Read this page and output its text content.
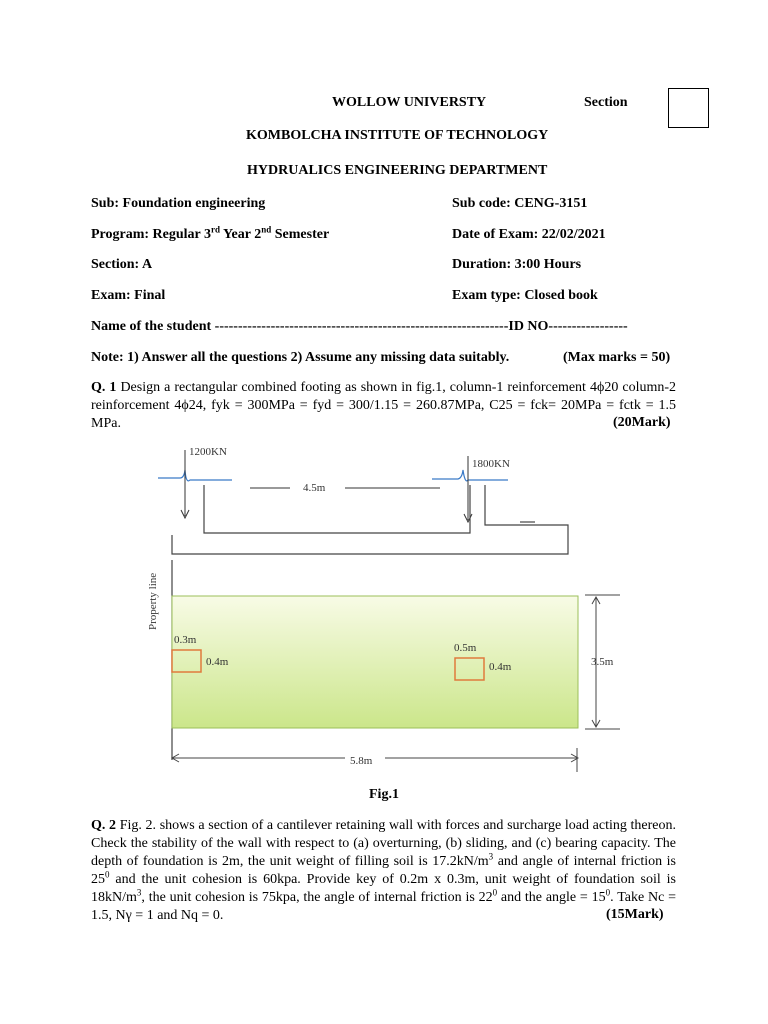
WOLLOW UNIVERSTY	Section
KOMBOLCHA INSTITUTE OF TECHNOLOGY
HYDRUALICS ENGINEERING DEPARTMENT
Sub: Foundation engineering	Sub code: CENG-3151
Program: Regular 3rd Year 2nd Semester	Date of Exam: 22/02/2021
Section: A	Duration: 3:00 Hours
Exam: Final	Exam type: Closed book
Name of the student ---------------------------------------------------------------ID NO-----------------
Note: 1) Answer all the questions 2) Assume any missing data suitably.	(Max marks = 50)
Q. 1 Design a rectangular combined footing as shown in fig.1, column-1 reinforcement 4ϕ20 column-2 reinforcement 4ϕ24, fyk = 300MPa = fyd = 300/1.15 = 260.87MPa, C25 = fck= 20MPa = fctk = 1.5 MPa.	(20Mark)
1200KN
1800KN
4.5m
Property line
0.3m
0.4m
0.5m
0.4m	3.5m
5.8m
Fig.1
Q. 2 Fig. 2. shows a section of a cantilever retaining wall with forces and surcharge load acting thereon. Check the stability of the wall with respect to (a) overturning, (b) sliding, and (c) bearing capacity. The depth of foundation is 2m, the unit weight of filling soil is $17.2kN/m^3$ and angle of internal friction is $25^0$ and the unit cohesion is 60kpa. Provide key of 0.2m x 0.3m, unit weight of foundation soil is $18kN/m^3$, the unit cohesion is 75kpa, the angle of internal friction is $22^0$ and the angle = $15^0$. Take Nc = 1.5, Nγ = 1 and Nq = 0.	(15Mark)
